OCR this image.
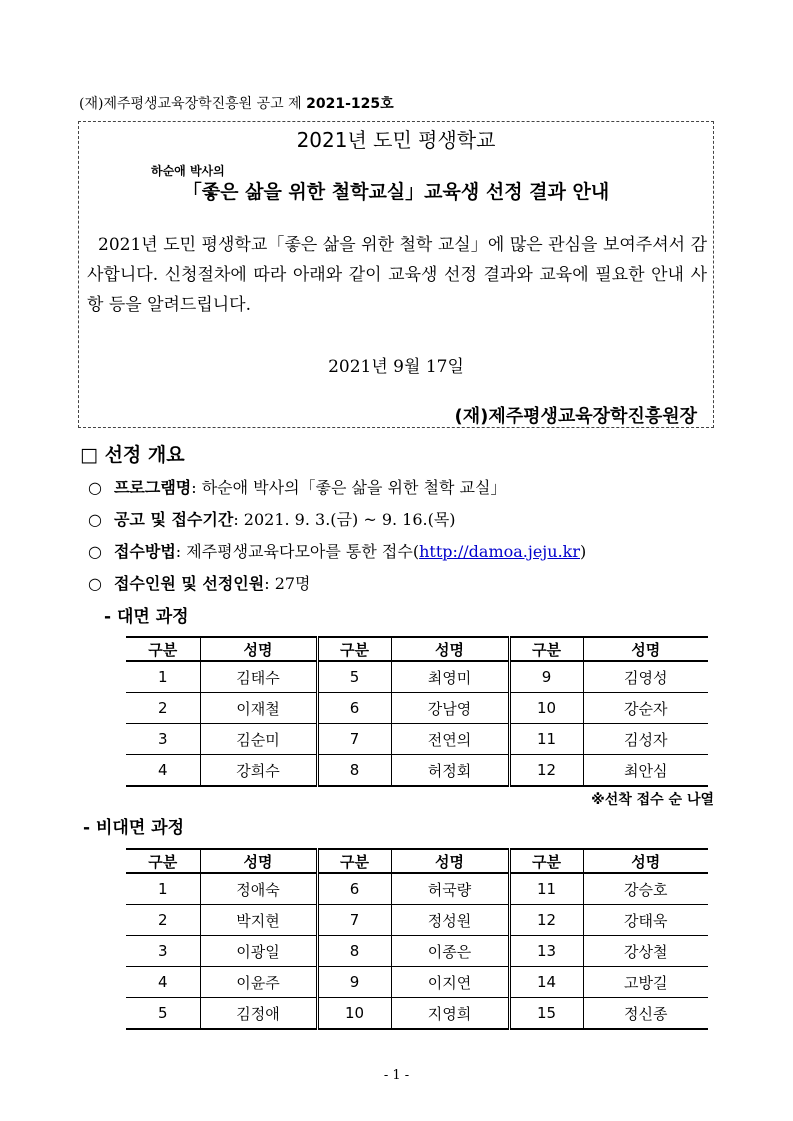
(재)제주평생교육장학진흥원 공고 제 2021-125호
2021년 도민 평생학교
하순애 박사의
「좋은 삶을 위한 철학교실」교육생 선정 결과 안내
2021년 도민 평생학교「좋은 삶을 위한 철학 교실」에 많은 관심을 보여주셔서 감사합니다. 신청절차에 따라 아래와 같이 교육생 선정 결과와 교육에 필요한 안내 사항 등을 알려드립니다.
2021년 9월 17일
(재)제주평생교육장학진흥원장
□ 선정 개요
○ 프로그램명: 하순애 박사의「좋은 삶을 위한 철학 교실」
○ 공고 및 접수기간: 2021. 9. 3.(금) ~ 9. 16.(목)
○ 접수방법: 제주평생교육다모아를 통한 접수(http://damoa.jeju.kr)
○ 접수인원 및 선정인원: 27명
- 대면 과정
구분	성명	구분	성명	구분	성명
1	김태수	5	최영미	9	김영성
2	이재철	6	강남영	10	강순자
3	김순미	7	전연의	11	김성자
4	강희수	8	허정회	12	최안심
※선착 접수 순 나열
- 비대면 과정
구분	성명	구분	성명	구분	성명
1	정애숙	6	허국량	11	강승호
2	박지현	7	정성원	12	강태욱
3	이광일	8	이종은	13	강상철
4	이윤주	9	이지연	14	고방길
5	김정애	10	지영희	15	정신종
- 1 -
